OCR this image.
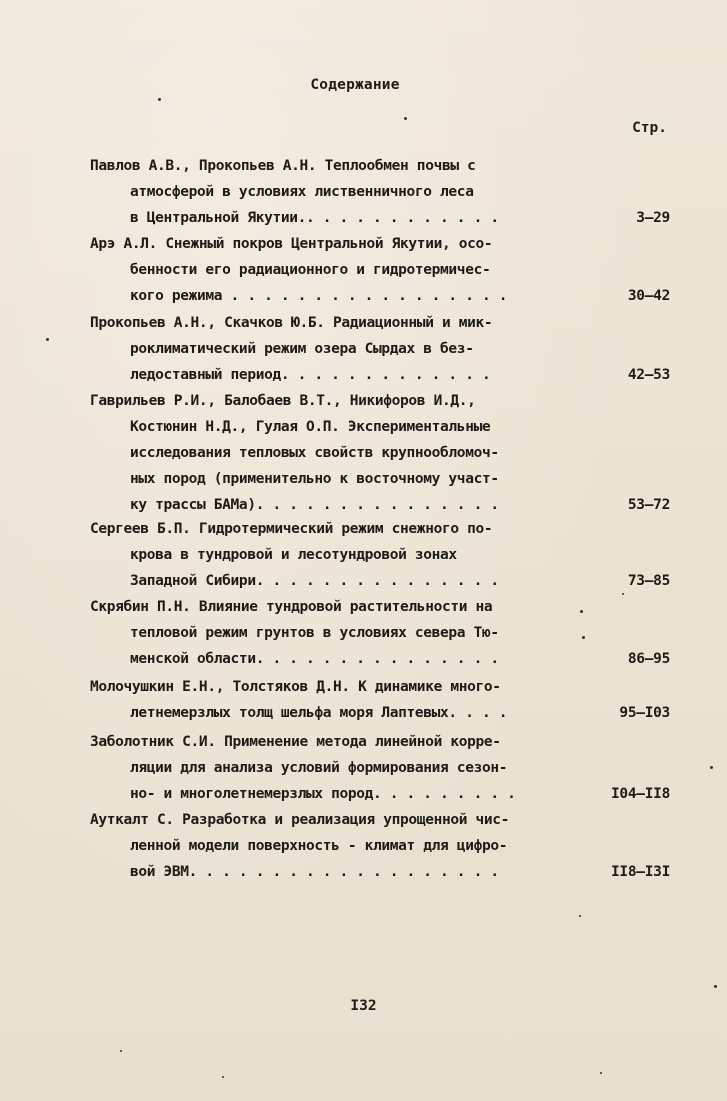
Содержание
Стр.
Павлов А.В., Прокопьев А.Н. Теплообмен почвы с
атмосферой в условиях лиственничного леса
в Центральной Якутии.. . . . . . . . . . . .	3–29
Арэ А.Л. Снежный покров Центральной Якутии, осо-
бенности его радиационного и гидротермичес-
кого режима . . . . . . . . . . . . . . . . .	30–42
Прокопьев А.Н., Скачков Ю.Б. Радиационный и мик-
роклиматический режим озера Сырдах в без-
ледоставный период. . . . . . . . . . . . .	42–53
Гаврильев Р.И., Балобаев В.Т., Никифоров И.Д.,
Костюнин Н.Д., Гулая О.П. Экспериментальные
исследования тепловых свойств крупнообломоч-
ных пород (применительно к восточному участ-
ку трассы БАМа). . . . . . . . . . . . . . .	53–72
Сергеев Б.П. Гидротермический режим снежного по-
крова в тундровой и лесотундровой зонах
Западной Сибири. . . . . . . . . . . . . . .	73–85
Скрябин П.Н. Влияние тундровой растительности на
тепловой режим грунтов в условиях севера Тю-
менской области. . . . . . . . . . . . . . .	86–95
Молочушкин Е.Н., Толстяков Д.Н. К динамике много-
летнемерзлых толщ шельфа моря Лаптевых. . . .	95–I03
Заболотник С.И. Применение метода линейной корре-
ляции для анализа условий формирования сезон-
но- и многолетнемерзлых пород. . . . . . . . .	I04–II8
Ауткалт С. Разработка и реализация упрощенной чис-
ленной модели поверхность - климат для цифро-
вой ЭВМ. . . . . . . . . . . . . . . . . . .	II8–I3I
I32
